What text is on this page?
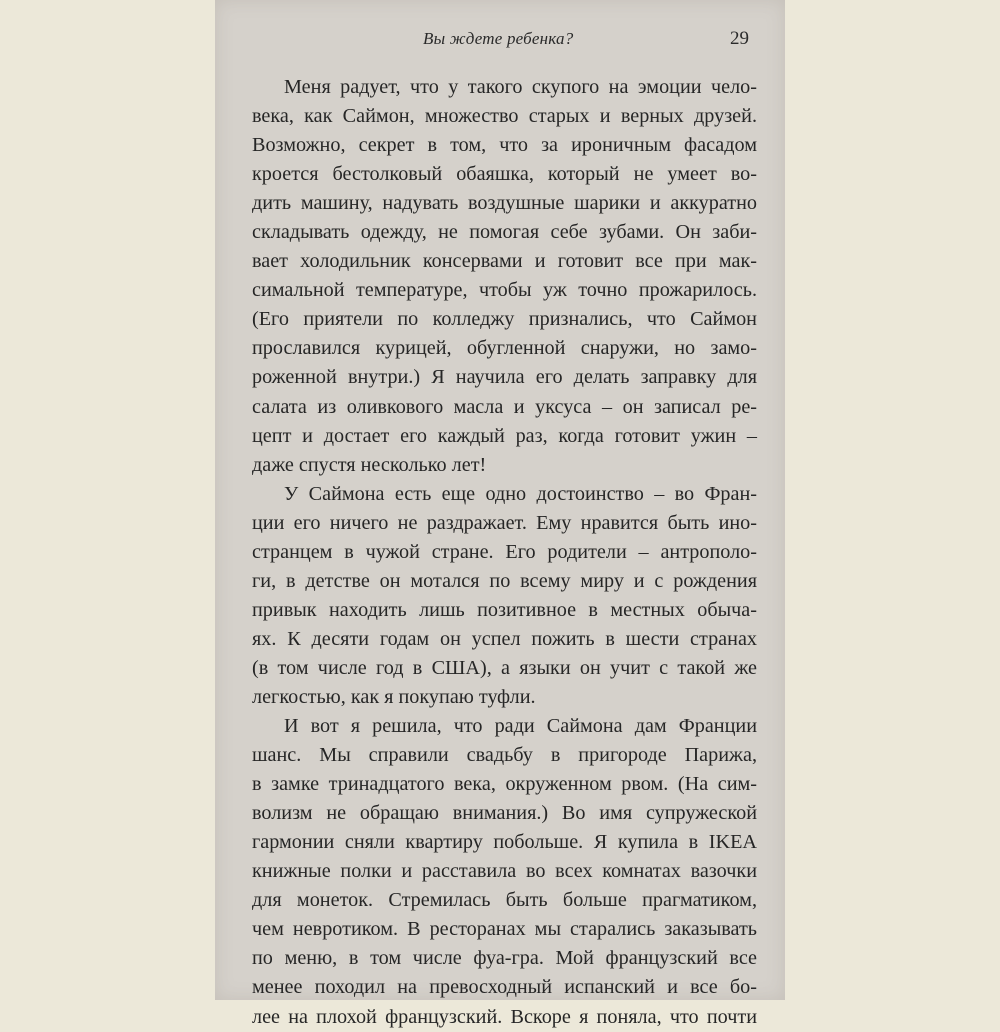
Вы ждете ребенка?	29
Меня радует, что у такого скупого на эмоции чело-
века, как Саймон, множество старых и верных друзей.
Возможно, секрет в том, что за ироничным фасадом
кроется бестолковый обаяшка, который не умеет во-
дить машину, надувать воздушные шарики и аккуратно
складывать одежду, не помогая себе зубами. Он заби-
вает холодильник консервами и готовит все при мак-
симальной температуре, чтобы уж точно прожарилось.
(Его приятели по колледжу признались, что Саймон
прославился курицей, обугленной снаружи, но замо-
роженной внутри.) Я научила его делать заправку для
салата из оливкового масла и уксуса – он записал ре-
цепт и достает его каждый раз, когда готовит ужин –
даже спустя несколько лет!
У Саймона есть еще одно достоинство – во Фран-
ции его ничего не раздражает. Ему нравится быть ино-
странцем в чужой стране. Его родители – антрополо-
ги, в детстве он мотался по всему миру и с рождения
привык находить лишь позитивное в местных обыча-
ях. К десяти годам он успел пожить в шести странах
(в том числе год в США), а языки он учит с такой же
легкостью, как я покупаю туфли.
И вот я решила, что ради Саймона дам Франции
шанс. Мы справили свадьбу в пригороде Парижа,
в замке тринадцатого века, окруженном рвом. (На сим-
волизм не обращаю внимания.) Во имя супружеской
гармонии сняли квартиру побольше. Я купила в IKEA
книжные полки и расставила во всех комнатах вазочки
для монеток. Стремилась быть больше прагматиком,
чем невротиком. В ресторанах мы старались заказывать
по меню, в том числе фуа-гра. Мой французский все
менее походил на превосходный испанский и все бо-
лее на плохой французский. Вскоре я поняла, что почти
